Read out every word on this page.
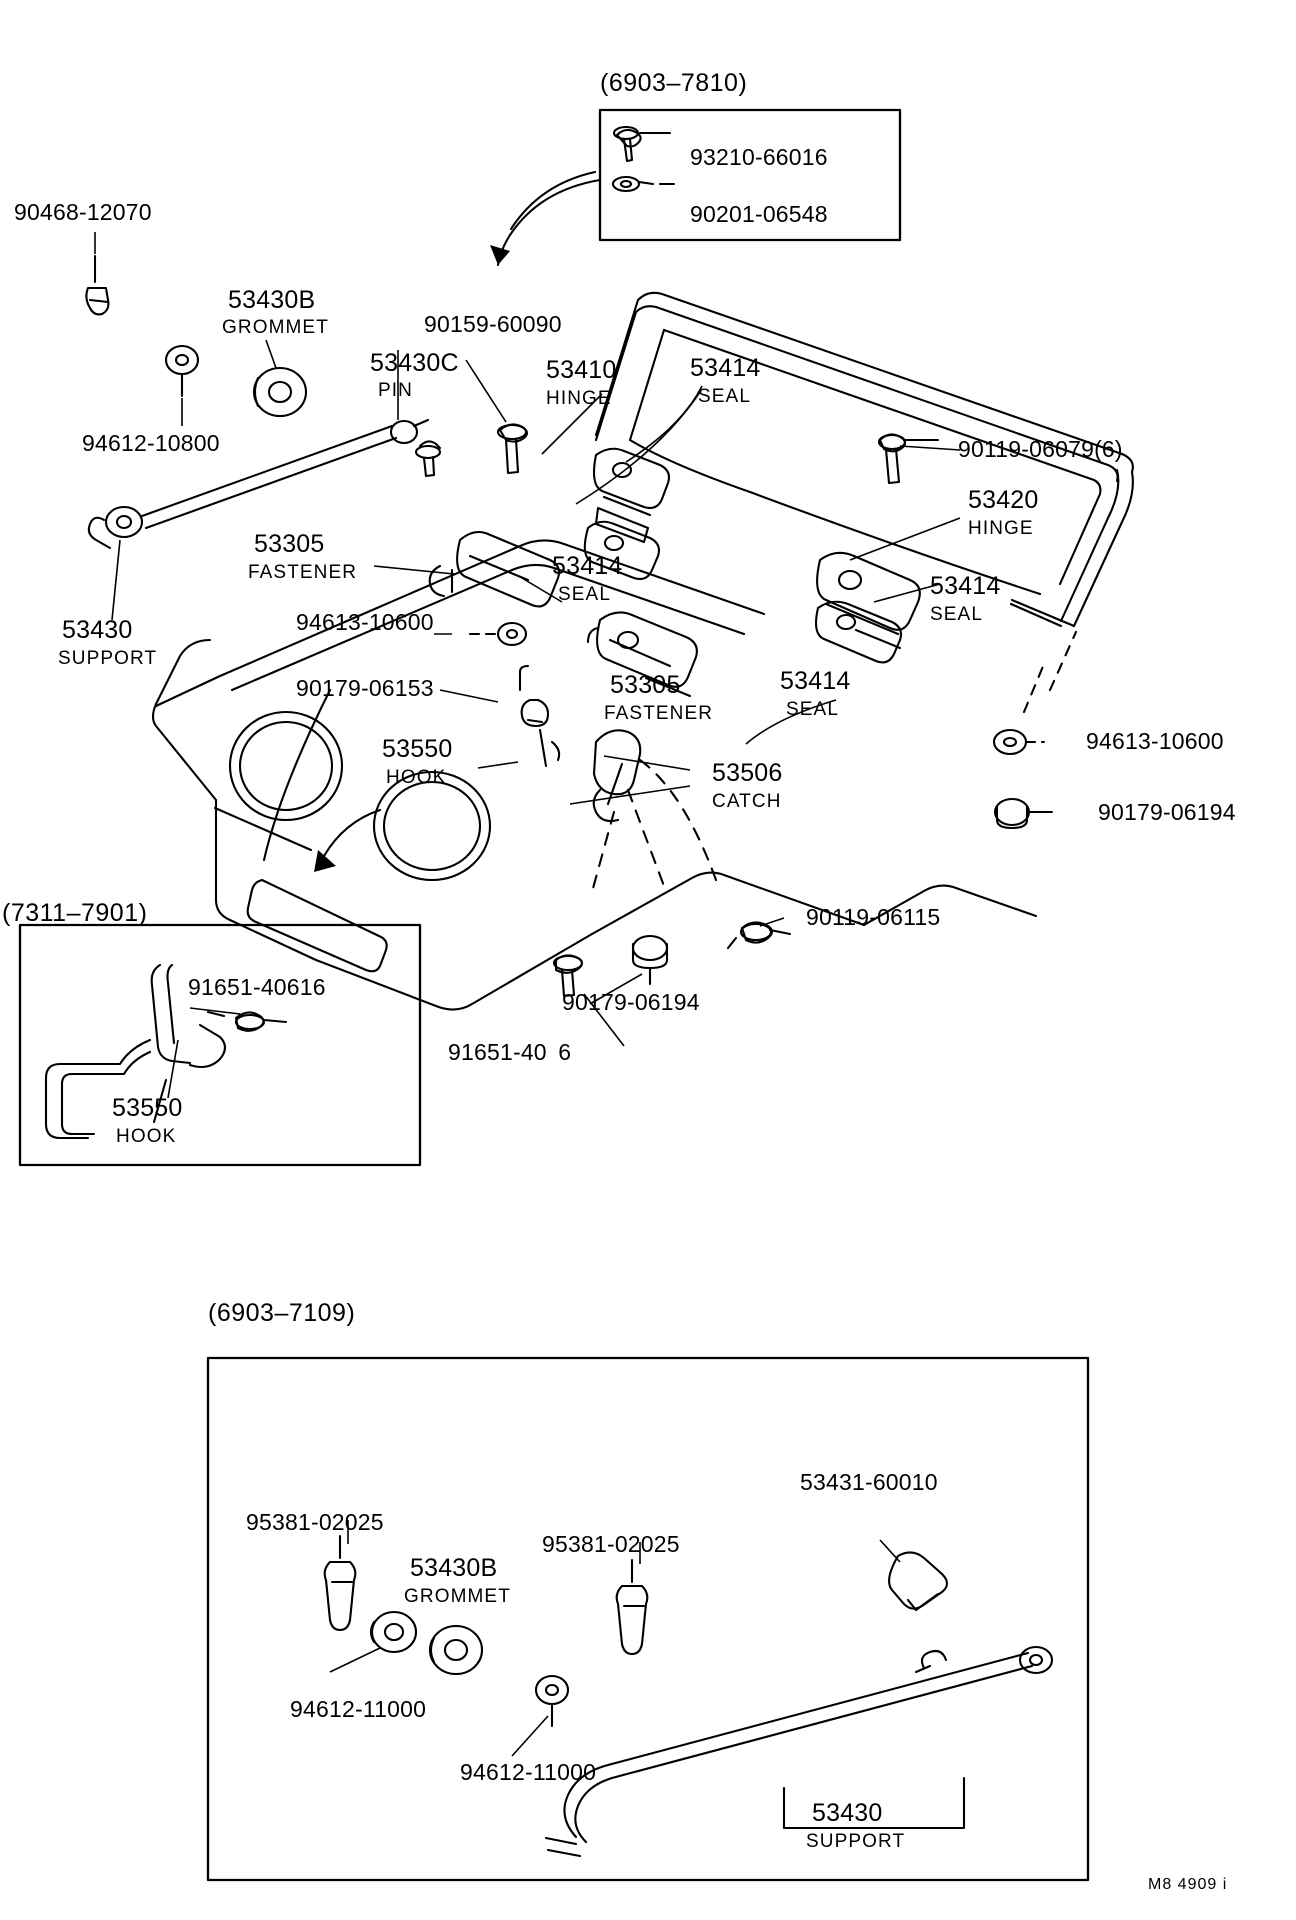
(6903–7810)
(7311–7901)
(6903–7109)
93210-66016
90201-06548
90468-12070
53430B
GROMMET	90159-60090
53430C
PIN
53410
HINGE
53414
SEAL
94612-10800	90119-06079(6)
53420
HINGE
53305
FASTENER	53414
SEAL	53414
SEAL
53430
SUPPORT
94613-10600
90179-06153	53305
FASTENER
53414
SEAL
53550
HOOK	53506
CATCH
94613-10600
90179-06194
90119-06115
90179-06194
91651-40  6
91651-40616
53550
HOOK
95381-02025
95381-02025
53431-60010
53430B
GROMMET
94612-11000
94612-11000
53430
SUPPORT
M8 4909 i
